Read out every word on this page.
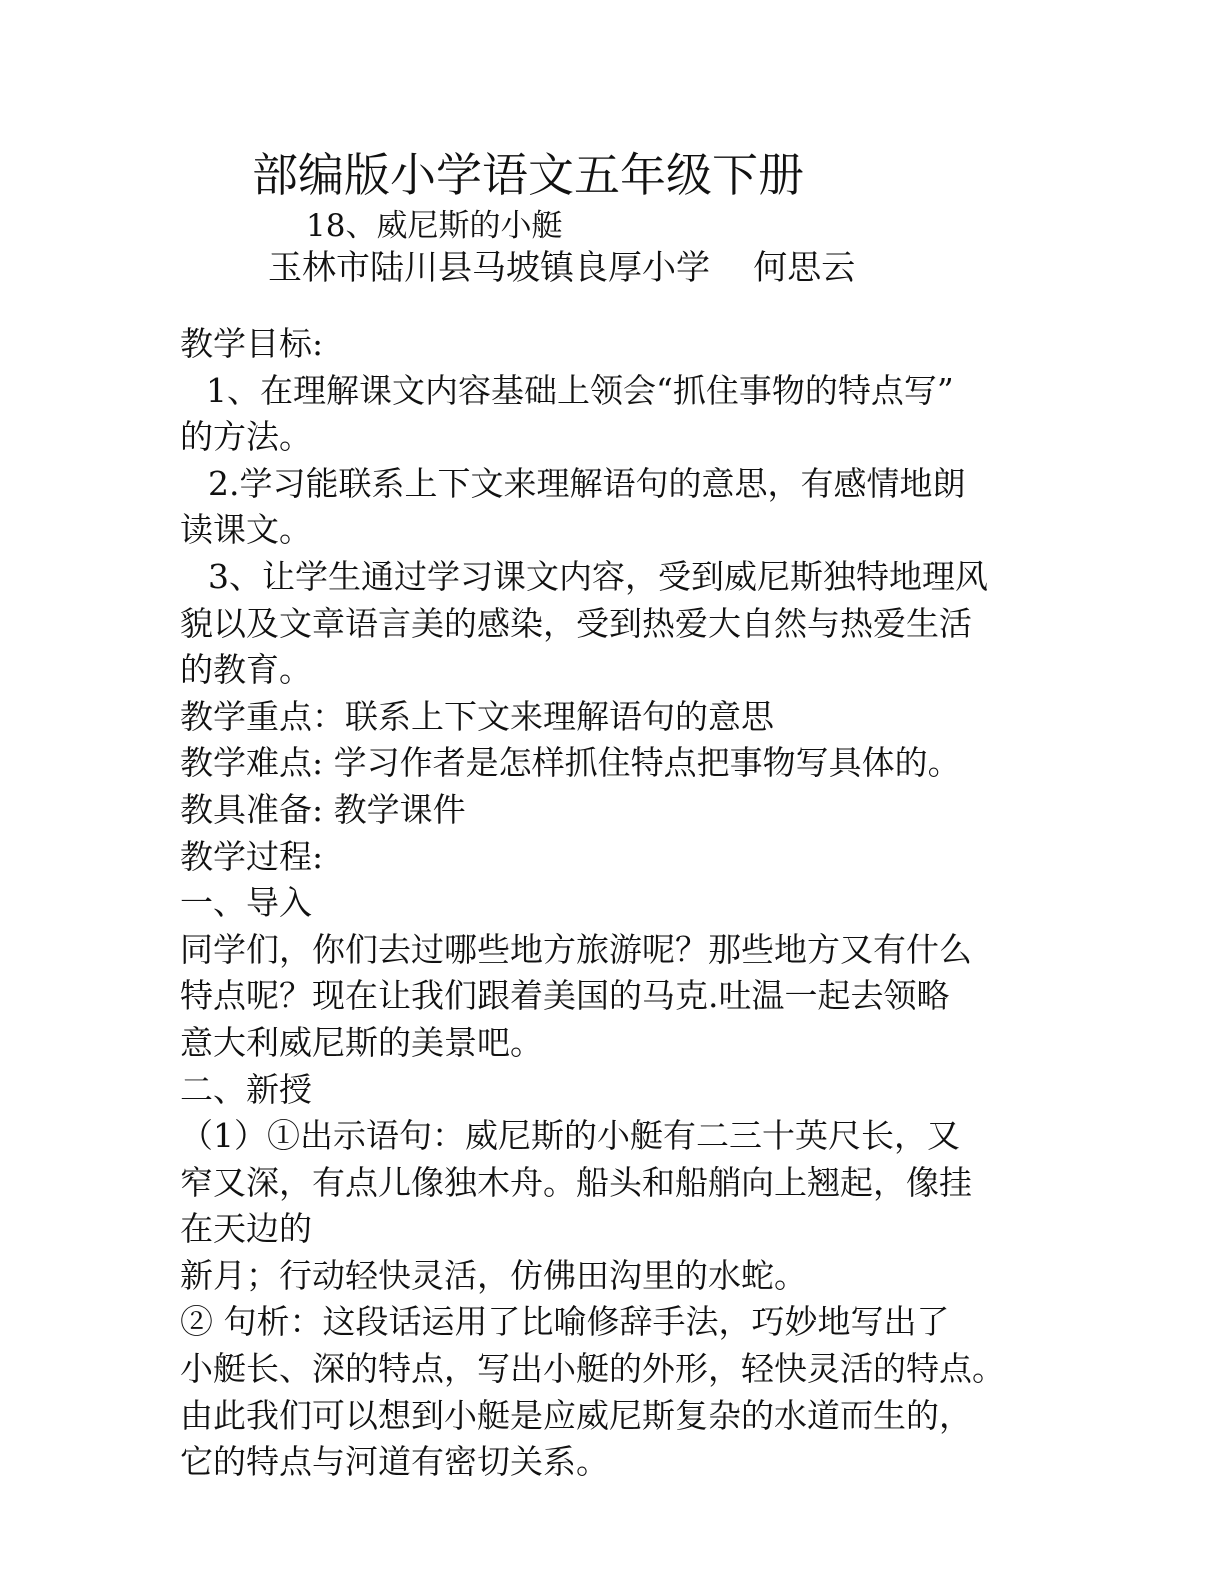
部编版小学语文五年级下册
18、威尼斯的小艇
玉林市陆川县马坡镇良厚小学    何思云
教学目标:
1、在理解课文内容基础上领会“抓住事物的特点写”
的方法。
2.学习能联系上下文来理解语句的意思，有感情地朗
读课文。
3、让学生通过学习课文内容，受到威尼斯独特地理风
貌以及文章语言美的感染，受到热爱大自然与热爱生活
的教育。
教学重点：联系上下文来理解语句的意思
教学难点: 学习作者是怎样抓住特点把事物写具体的。
教具准备: 教学课件
教学过程:
一、导入
同学们，你们去过哪些地方旅游呢？那些地方又有什么
特点呢？现在让我们跟着美国的马克.吐温一起去领略
意大利威尼斯的美景吧。
二、新授
（1）①出示语句：威尼斯的小艇有二三十英尺长，又
窄又深，有点儿像独木舟。船头和船艄向上翘起，像挂
在天边的
新月；行动轻快灵活，仿佛田沟里的水蛇。
② 句析：这段话运用了比喻修辞手法，巧妙地写出了
小艇长、深的特点，写出小艇的外形，轻快灵活的特点。
由此我们可以想到小艇是应威尼斯复杂的水道而生的，
它的特点与河道有密切关系。
